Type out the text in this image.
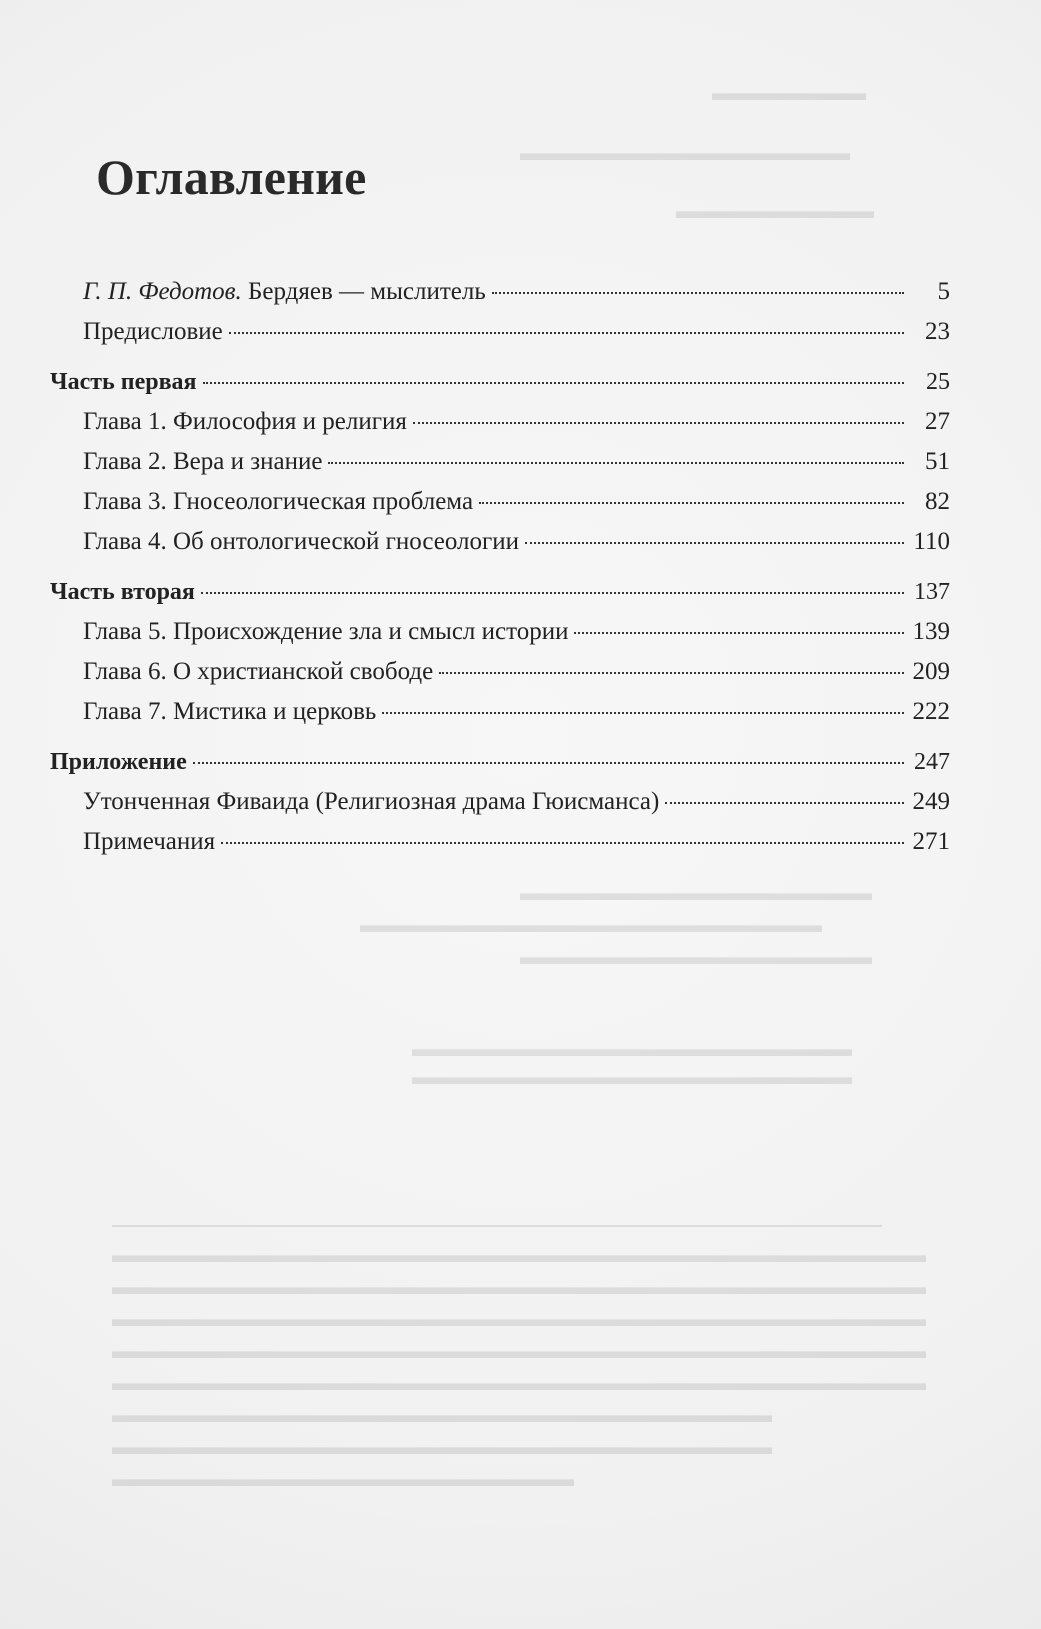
▬▬▬▬▬▬▬
▬▬▬▬▬▬▬▬▬▬▬▬▬▬▬
▬▬▬▬▬▬▬▬▬
▬▬▬▬▬▬▬▬▬▬▬▬▬▬▬▬
▬▬▬▬▬▬▬▬▬▬▬▬▬▬▬▬▬▬▬▬▬
▬▬▬▬▬▬▬▬▬▬▬▬▬▬▬▬
▬▬▬▬▬▬▬▬▬▬▬▬▬▬▬▬▬▬▬▬
▬▬▬▬▬▬▬▬▬▬▬▬▬▬▬▬▬▬▬▬
▬▬▬▬▬▬▬▬▬▬▬▬▬▬▬▬▬▬▬▬▬▬▬▬▬▬▬▬▬▬▬▬▬▬▬▬▬
▬▬▬▬▬▬▬▬▬▬▬▬▬▬▬▬▬▬▬▬▬▬▬▬▬▬▬▬▬▬▬▬▬▬▬▬▬
▬▬▬▬▬▬▬▬▬▬▬▬▬▬▬▬▬▬▬▬▬▬▬▬▬▬▬▬▬▬▬▬▬▬▬▬▬
▬▬▬▬▬▬▬▬▬▬▬▬▬▬▬▬▬▬▬▬▬▬▬▬▬▬▬▬▬▬▬▬▬▬▬▬▬
▬▬▬▬▬▬▬▬▬▬▬▬▬▬▬▬▬▬▬▬▬▬▬▬▬▬▬▬▬▬▬▬▬▬▬▬▬
▬▬▬▬▬▬▬▬▬▬▬▬▬▬▬▬▬▬▬▬▬▬▬▬▬▬▬▬▬▬
▬▬▬▬▬▬▬▬▬▬▬▬▬▬▬▬▬▬▬▬▬▬▬▬▬▬▬▬▬▬
▬▬▬▬▬▬▬▬▬▬▬▬▬▬▬▬▬▬▬▬▬
Оглавление
Г. П. Федотов. Бердяев — мыслитель	5
Предисловие	23
Часть первая	25
Глава 1. Философия и религия	27
Глава 2. Вера и знание	51
Глава 3. Гносеологическая проблема	82
Глава 4. Об онтологической гносеологии	110
Часть вторая	137
Глава 5. Происхождение зла и смысл истории	139
Глава 6. О христианской свободе	209
Глава 7. Мистика и церковь	222
Приложение	247
Утонченная Фиваида (Религиозная драма Гюисманса)	249
Примечания	271
